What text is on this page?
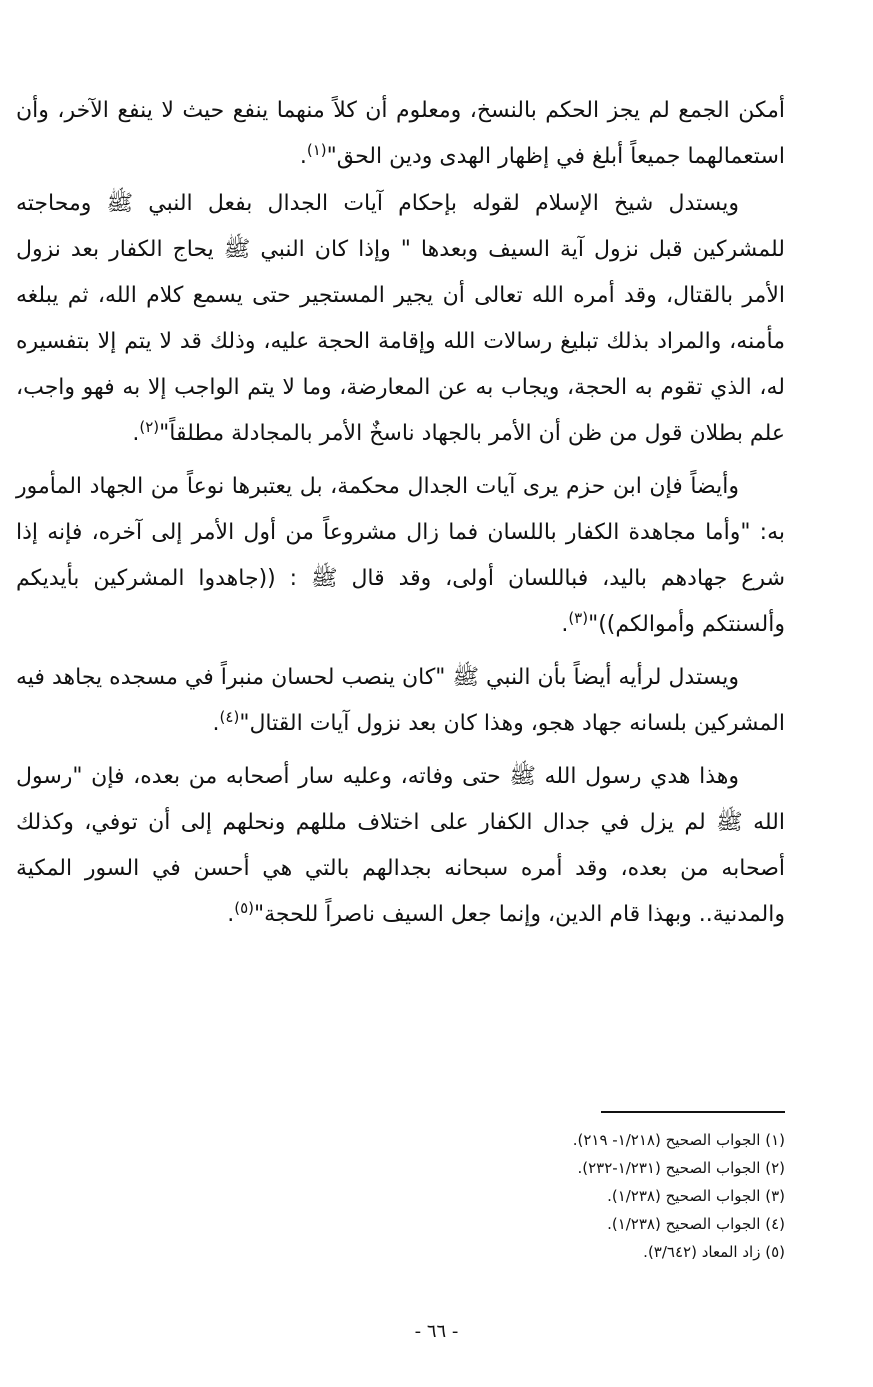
أمكن الجمع لم يجز الحكم بالنسخ، ومعلوم أن كلاً منهما ينفع حيث لا ينفع الآخر، وأن استعمالهما جميعاً أبلغ في إظهار الهدى ودين الحق"$^{(١)}$.

ويستدل شيخ الإسلام لقوله بإحكام آيات الجدال بفعل النبي ﷺ ومحاجته للمشركين قبل نزول آية السيف وبعدها " وإذا كان النبي ﷺ يحاج الكفار بعد نزول الأمر بالقتال، وقد أمره الله تعالى أن يجير المستجير حتى يسمع كلام الله، ثم يبلغه مأمنه، والمراد بذلك تبليغ رسالات الله وإقامة الحجة عليه، وذلك قد لا يتم إلا بتفسيره له، الذي تقوم به الحجة، ويجاب به عن المعارضة، وما لا يتم الواجب إلا به فهو واجب، علم بطلان قول من ظن أن الأمر بالجهاد ناسخٌ الأمر بالمجادلة مطلقاً"$^{(٢)}$.

وأيضاً فإن ابن حزم يرى آيات الجدال محكمة، بل يعتبرها نوعاً من الجهاد المأمور به: "وأما مجاهدة الكفار باللسان فما زال مشروعاً من أول الأمر إلى آخره، فإنه إذا شرع جهادهم باليد، فباللسان أولى، وقد قال ﷺ : ((جاهدوا المشركين بأيديكم وألسنتكم وأموالكم))"$^{(٣)}$.

ويستدل لرأيه أيضاً بأن النبي ﷺ "كان ينصب لحسان منبراً في مسجده يجاهد فيه المشركين بلسانه جهاد هجو، وهذا كان بعد نزول آيات القتال"$^{(٤)}$.

وهذا هدي رسول الله ﷺ حتى وفاته، وعليه سار أصحابه من بعده، فإن "رسول الله ﷺ لم يزل في جدال الكفار على اختلاف مللهم ونحلهم إلى أن توفي، وكذلك أصحابه من بعده، وقد أمره سبحانه بجدالهم بالتي هي أحسن في السور المكية والمدنية.. وبهذا قام الدين، وإنما جعل السيف ناصراً للحجة"$^{(٥)}$.

(١) الجواب الصحيح (١/٢١٨- ٢١٩).

(٢) الجواب الصحيح (١/٢٣١-٢٣٢).

(٣) الجواب الصحيح (١/٢٣٨).

(٤) الجواب الصحيح (١/٢٣٨).

(٥) زاد المعاد (٣/٦٤٢).

- ٦٦ -
